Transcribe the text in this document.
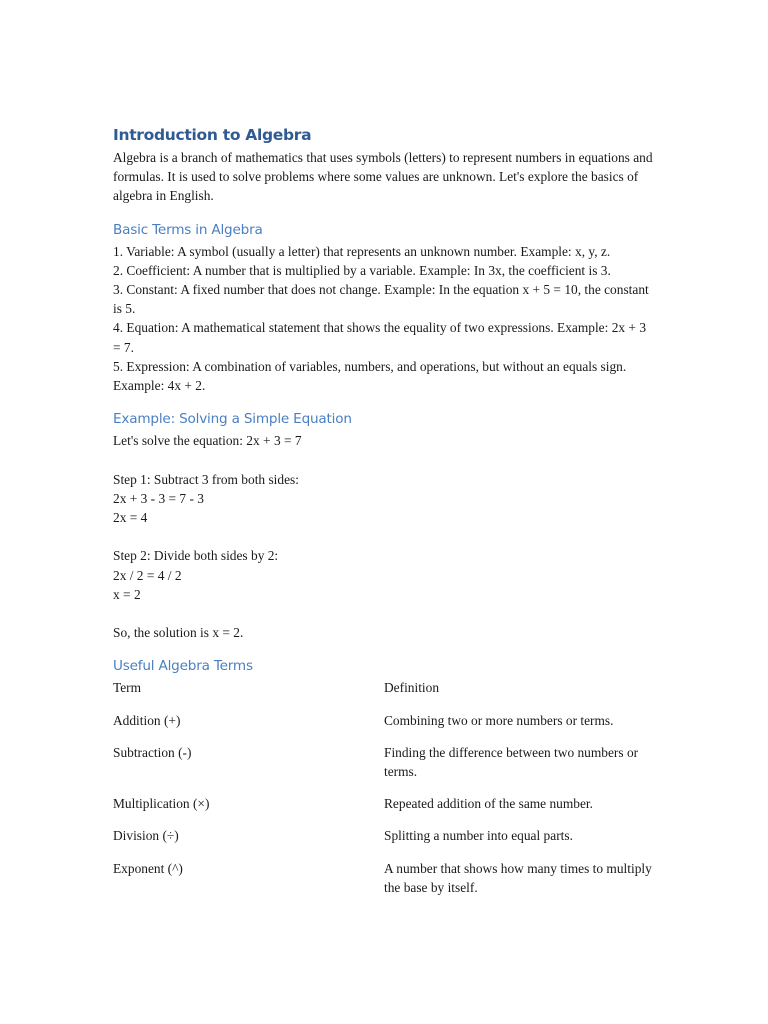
Introduction to Algebra

Algebra is a branch of mathematics that uses symbols (letters) to represent numbers in equations and formulas. It is used to solve problems where some values are unknown. Let's explore the basics of algebra in English.

Basic Terms in Algebra

1. Variable: A symbol (usually a letter) that represents an unknown number. Example: x, y, z.

2. Coefficient: A number that is multiplied by a variable. Example: In 3x, the coefficient is 3.

3. Constant: A fixed number that does not change. Example: In the equation x + 5 = 10, the constant is 5.

4. Equation: A mathematical statement that shows the equality of two expressions. Example: 2x + 3 = 7.

5. Expression: A combination of variables, numbers, and operations, but without an equals sign. Example: 4x + 2.

Example: Solving a Simple Equation

Let's solve the equation: 2x + 3 = 7

Step 1: Subtract 3 from both sides:

2x + 3 - 3 = 7 - 3

2x = 4

Step 2: Divide both sides by 2:

2x / 2 = 4 / 2

x = 2

So, the solution is x = 2.

Useful Algebra Terms
Term	Definition
Addition (+)	Combining two or more numbers or terms.
Subtraction (-)	Finding the difference between two numbers or terms.
Multiplication (×)	Repeated addition of the same number.
Division (÷)	Splitting a number into equal parts.
Exponent (^)	A number that shows how many times to multiply the base by itself.
